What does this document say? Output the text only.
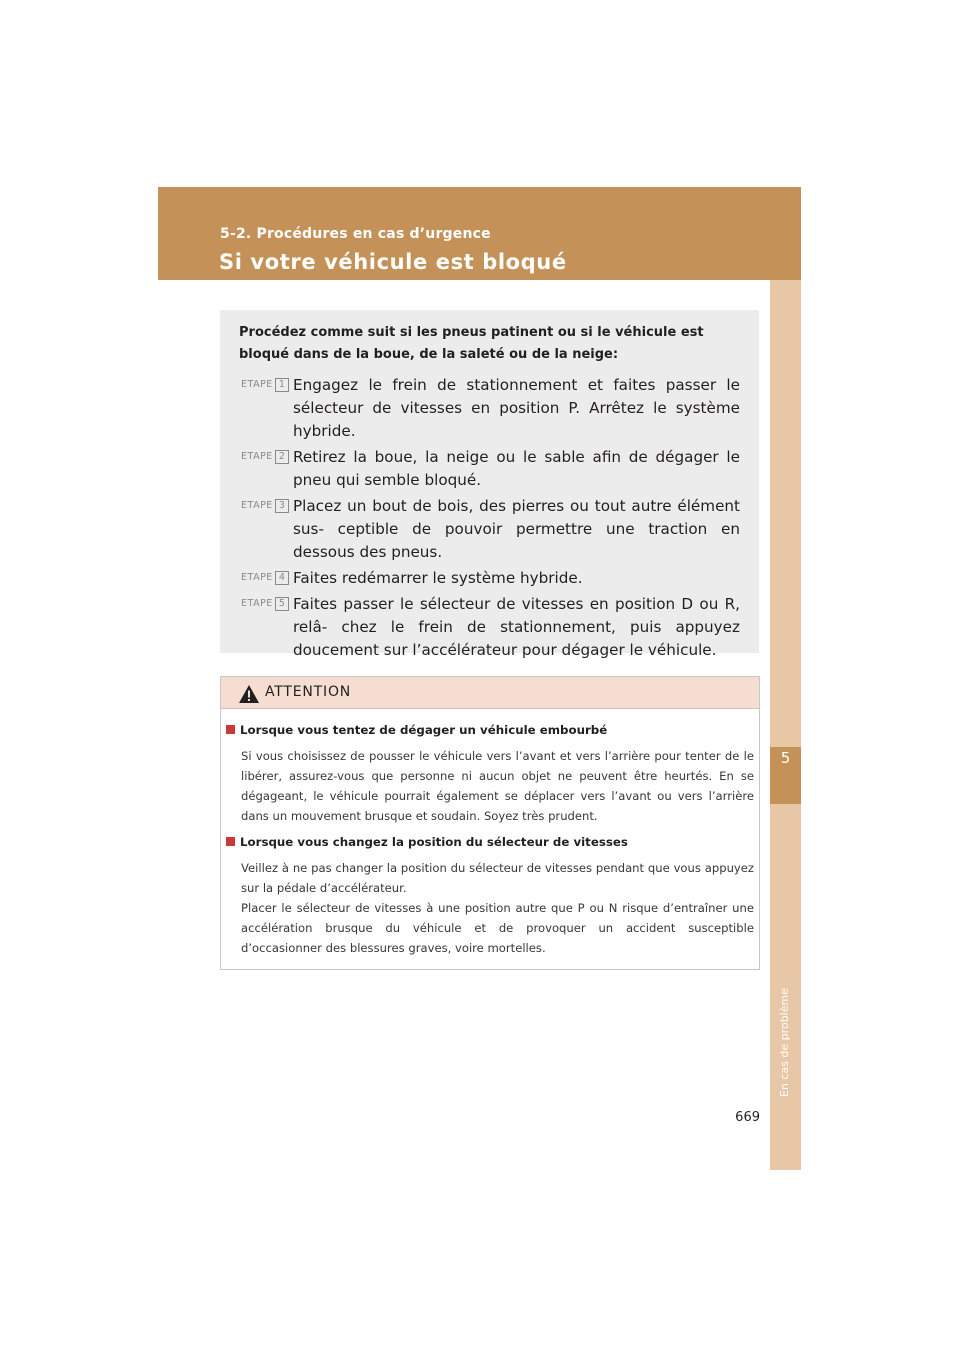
5-2. Procédures en cas d’urgence
Si votre véhicule est bloqué
5
En cas de problème
Procédez comme suit si les pneus patinent ou si le véhicule est bloqué dans de la boue, de la saleté ou de la neige:
ETAPE 1 Engagez le frein de stationnement et faites passer le sélecteur de vitesses en position P. Arrêtez le système hybride.
ETAPE 2 Retirez la boue, la neige ou le sable afin de dégager le pneu qui semble bloqué.
ETAPE 3 Placez un bout de bois, des pierres ou tout autre élément sus- ceptible de pouvoir permettre une traction en dessous des pneus.
ETAPE 4 Faites redémarrer le système hybride.
ETAPE 5 Faites passer le sélecteur de vitesses en position D ou R, relâ- chez le frein de stationnement, puis appuyez doucement sur l’accélérateur pour dégager le véhicule.
ATTENTION
Lorsque vous tentez de dégager un véhicule embourbé
Si vous choisissez de pousser le véhicule vers l’avant et vers l’arrière pour tenter de le libérer, assurez-vous que personne ni aucun objet ne peuvent être heurtés. En se dégageant, le véhicule pourrait également se déplacer vers l’avant ou vers l’arrière dans un mouvement brusque et soudain. Soyez très prudent.
Lorsque vous changez la position du sélecteur de vitesses
Veillez à ne pas changer la position du sélecteur de vitesses pendant que vous appuyez sur la pédale d’accélérateur.
Placer le sélecteur de vitesses à une position autre que P ou N risque d’entraîner une accélération brusque du véhicule et de provoquer un accident susceptible d’occasionner des blessures graves, voire mortelles.
669
